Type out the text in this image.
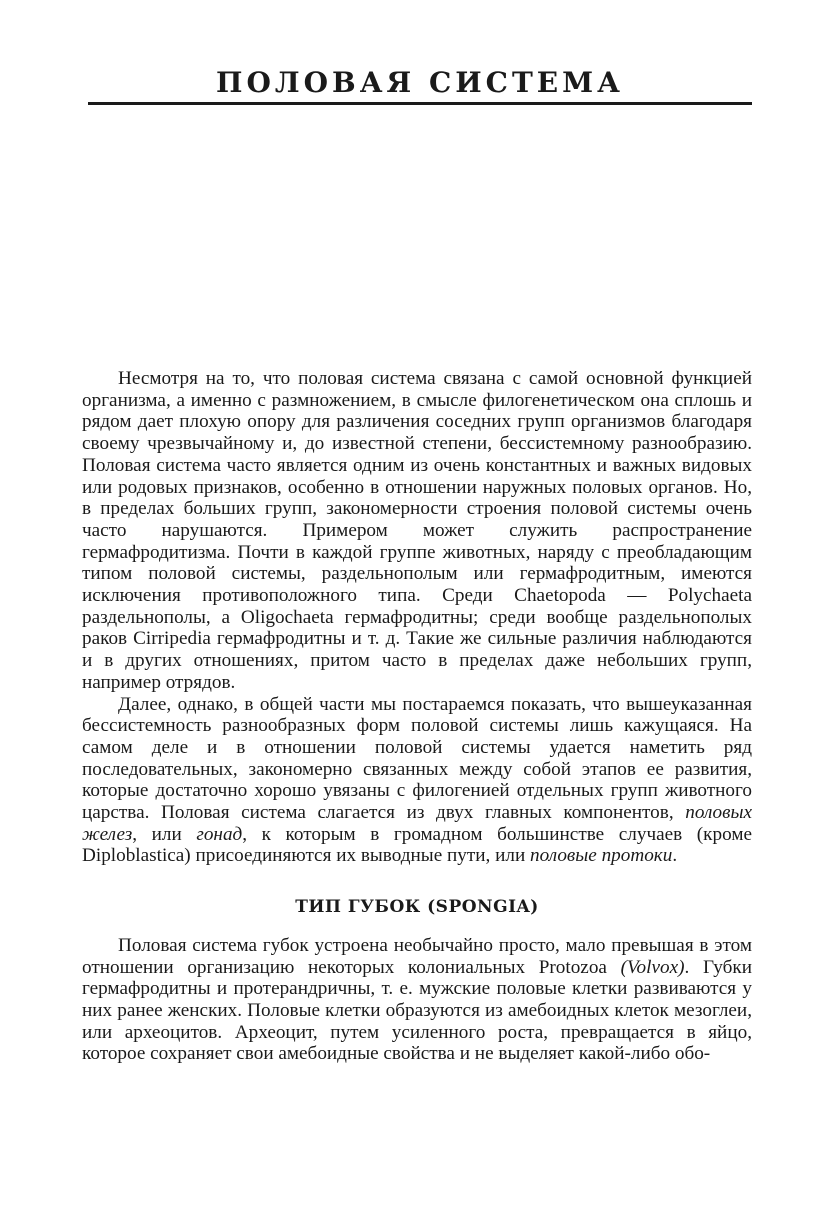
ПОЛОВАЯ СИСТЕМА

Несмотря на то, что половая система связана с самой основной функцией организма, а именно с размножением, в смысле филогенетическом она сплошь и рядом дает плохую опору для различения соседних групп организмов благодаря своему чрезвычайному и, до известной степени, бессистемному разнообразию. Половая система часто является одним из очень константных и важных видовых или родовых признаков, особенно в отношении наружных половых органов. Но, в пределах больших групп, закономерности строения половой системы очень часто нарушаются. Примером может служить распространение гермафродитизма. Почти в каждой группе животных, наряду с преобладающим типом половой системы, раздельнополым или гермафродитным, имеются исключения противоположного типа. Среди Chaetopoda — Polychaeta раздельнополы, а Oligochaeta гермафродитны; среди вообще раздельнополых раков Cirripedia гермафродитны и т. д. Такие же сильные различия наблюдаются и в других отношениях, притом часто в пределах даже небольших групп, например отрядов.

Далее, однако, в общей части мы постараемся показать, что вышеуказанная бессистемность разнообразных форм половой системы лишь кажущаяся. На самом деле и в отношении половой системы удается наметить ряд последовательных, закономерно связанных между собой этапов ее развития, которые достаточно хорошо увязаны с филогенией отдельных групп животного царства. Половая система слагается из двух главных компонентов, половых желез, или гонад, к которым в громадном большинстве случаев (кроме Diploblastica) присоединяются их выводные пути, или половые протоки.

ТИП ГУБОК (SPONGIA)

Половая система губок устроена необычайно просто, мало превышая в этом отношении организацию некоторых колониальных Protozoa (Volvox). Губки гермафродитны и протерандричны, т. е. мужские половые клетки развиваются у них ранее женских. Половые клетки образуются из амебоидных клеток мезоглеи, или археоцитов. Археоцит, путем усиленного роста, превращается в яйцо, которое сохраняет свои амебоидные свойства и не выделяет какой-либо обо-
